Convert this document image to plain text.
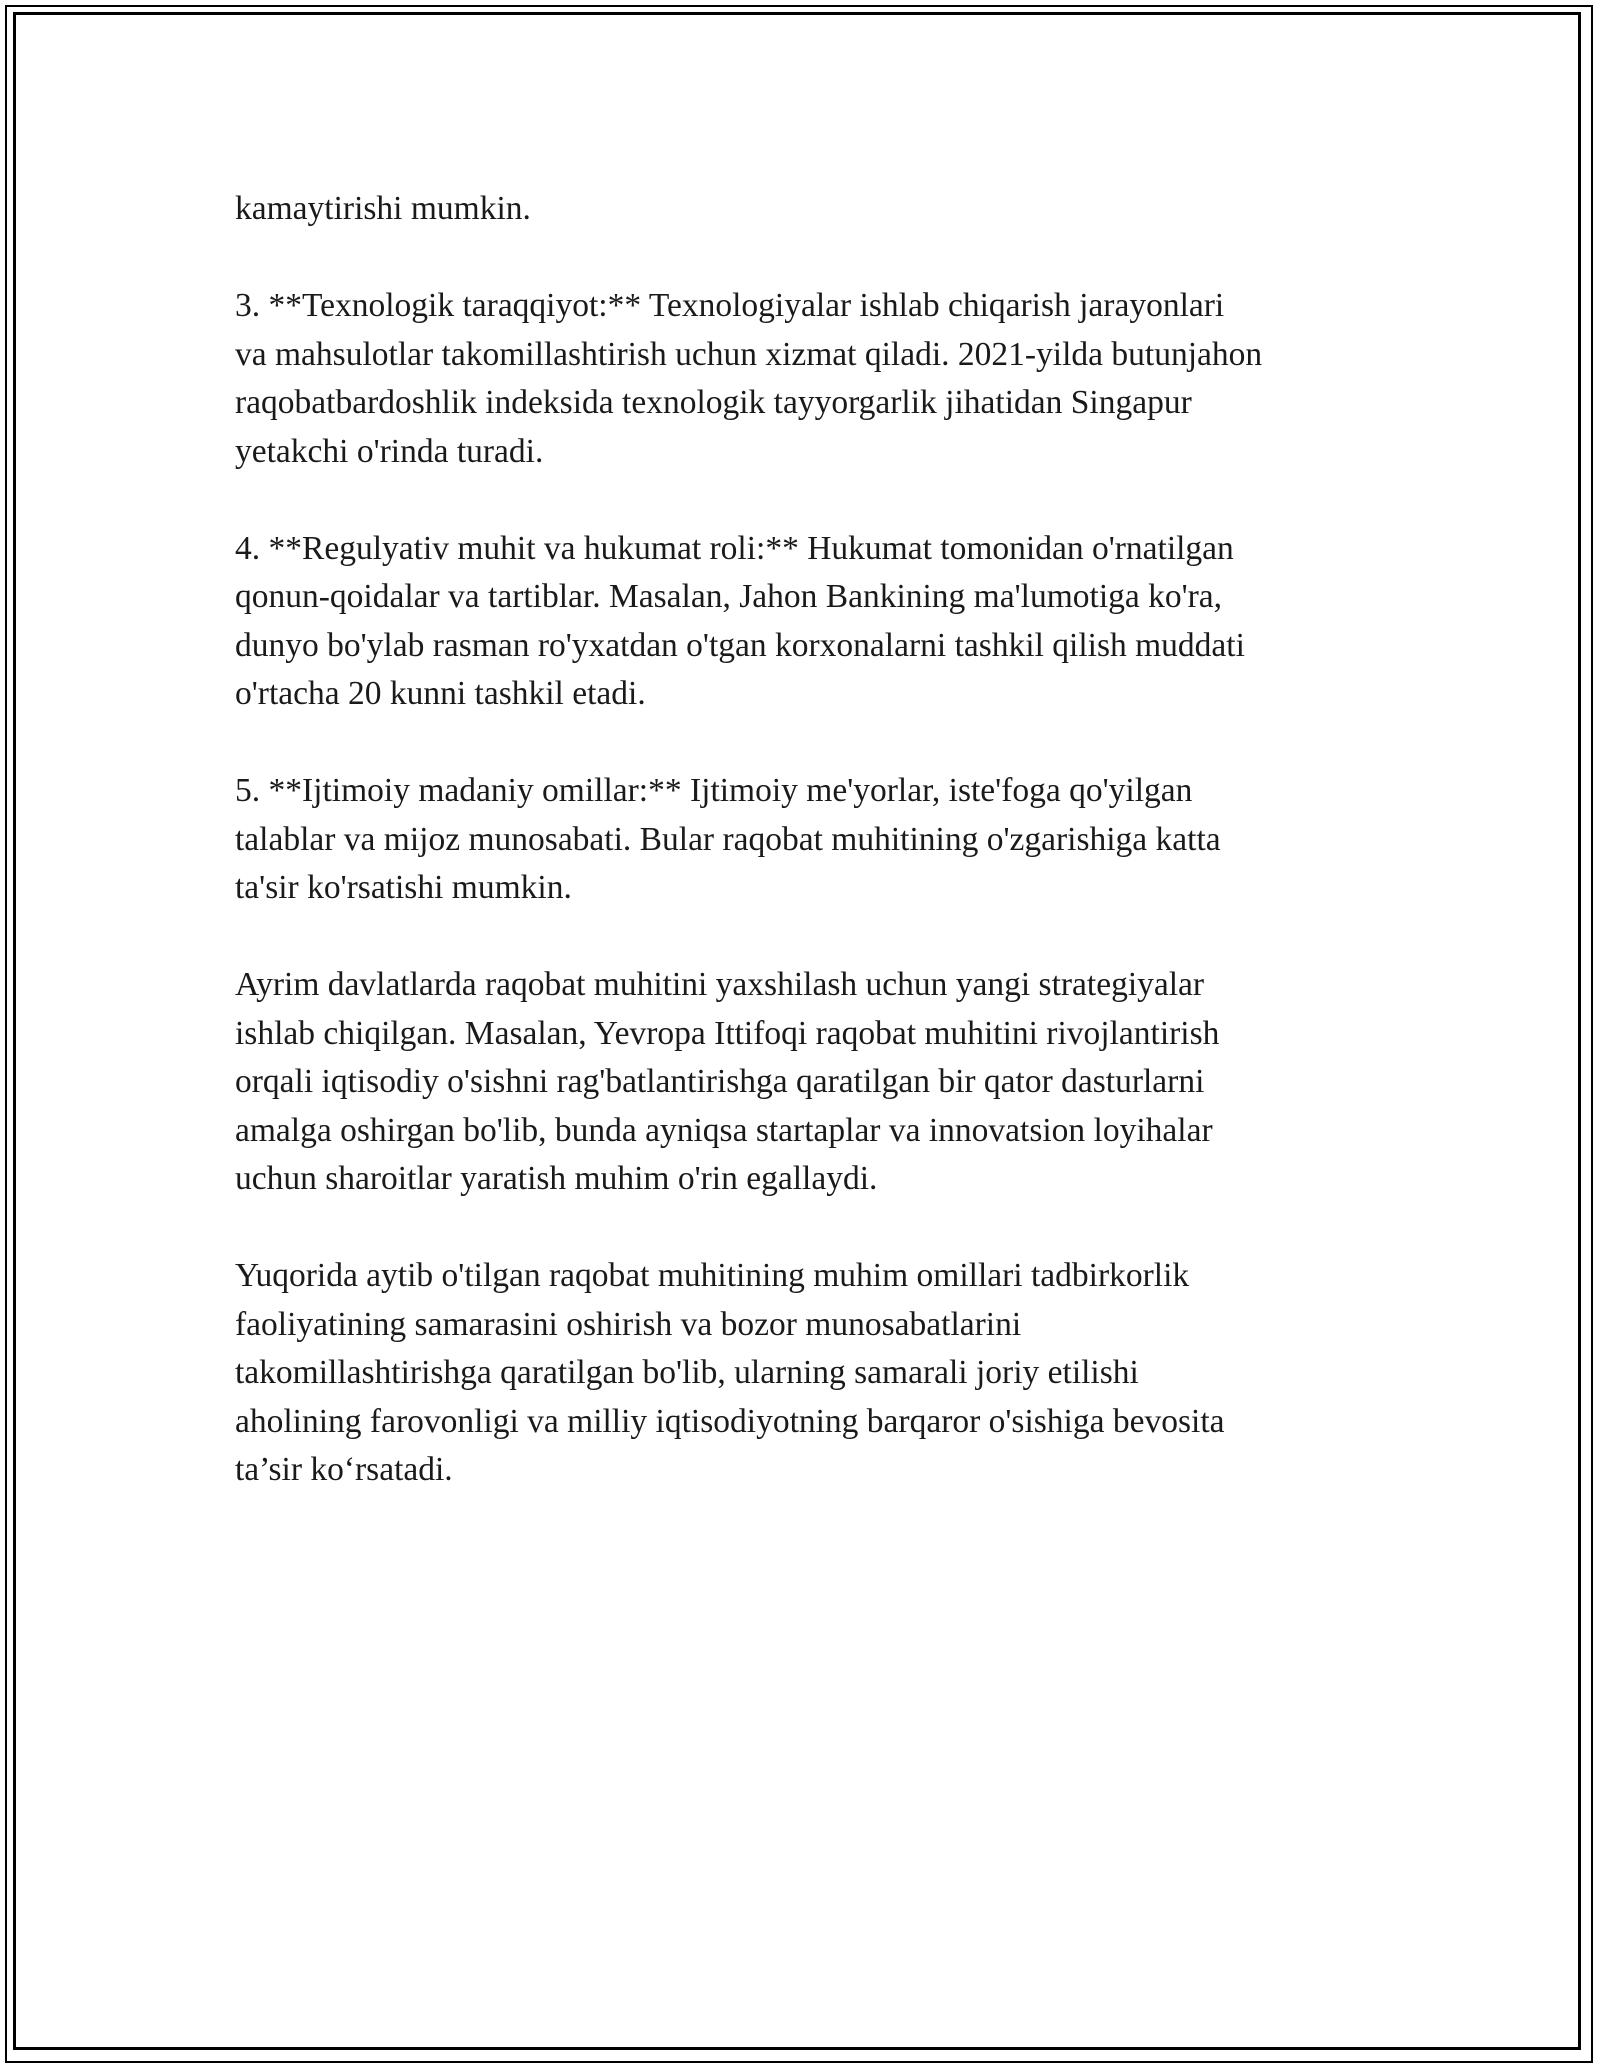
kamaytirishi mumkin.
3. **Texnologik taraqqiyot:** Texnologiyalar ishlab chiqarish jarayonlari
va mahsulotlar takomillashtirish uchun xizmat qiladi. 2021-yilda butunjahon
raqobatbardoshlik indeksida texnologik tayyorgarlik jihatidan Singapur
yetakchi o'rinda turadi.
4. **Regulyativ muhit va hukumat roli:** Hukumat tomonidan o'rnatilgan
qonun-qoidalar va tartiblar. Masalan, Jahon Bankining ma'lumotiga ko'ra,
dunyo bo'ylab rasman ro'yxatdan o'tgan korxonalarni tashkil qilish muddati
o'rtacha 20 kunni tashkil etadi.
5. **Ijtimoiy madaniy omillar:** Ijtimoiy me'yorlar, iste'foga qo'yilgan
talablar va mijoz munosabati. Bular raqobat muhitining o'zgarishiga katta
ta'sir ko'rsatishi mumkin.
Ayrim davlatlarda raqobat muhitini yaxshilash uchun yangi strategiyalar
ishlab chiqilgan. Masalan, Yevropa Ittifoqi raqobat muhitini rivojlantirish
orqali iqtisodiy o'sishni rag'batlantirishga qaratilgan bir qator dasturlarni
amalga oshirgan bo'lib, bunda ayniqsa startaplar va innovatsion loyihalar
uchun sharoitlar yaratish muhim o'rin egallaydi.
Yuqorida aytib o'tilgan raqobat muhitining muhim omillari tadbirkorlik
faoliyatining samarasini oshirish va bozor munosabatlarini
takomillashtirishga qaratilgan bo'lib, ularning samarali joriy etilishi
aholining farovonligi va milliy iqtisodiyotning barqaror o'sishiga bevosita
ta’sir ko‘rsatadi.
